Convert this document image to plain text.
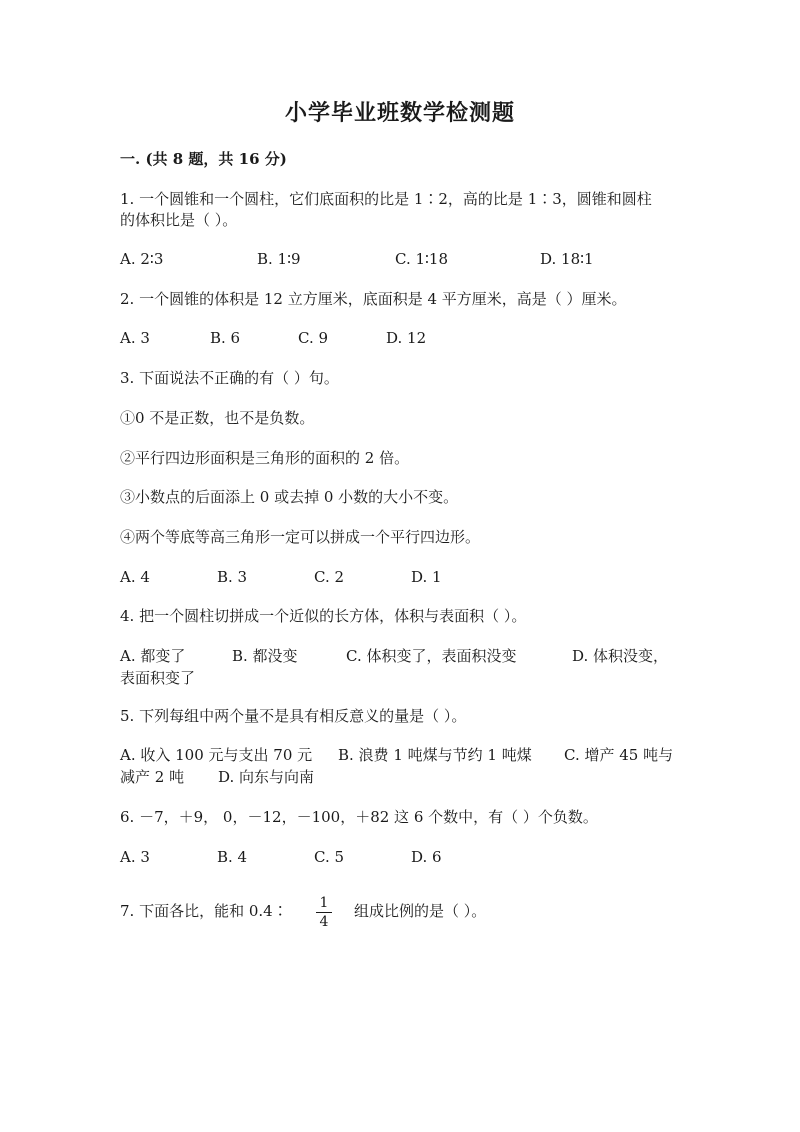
小学毕业班数学检测题
一. (共 8 题，共 16 分)
1. 一个圆锥和一个圆柱，它们底面积的比是 1∶2，高的比是 1∶3，圆锥和圆柱
的体积比是（ ）。
A. 2∶3	B. 1∶9	C. 1∶18	D. 18∶1
2. 一个圆锥的体积是 12 立方厘米，底面积是 4 平方厘米，高是（ ）厘米。
A. 3	B. 6	C. 9	D. 12
3. 下面说法不正确的有（ ）句。
①0 不是正数，也不是负数。
②平行四边形面积是三角形的面积的 2 倍。
③小数点的后面添上 0 或去掉 0 小数的大小不变。
④两个等底等高三角形一定可以拼成一个平行四边形。
A. 4	B. 3	C. 2	D. 1
4. 把一个圆柱切拼成一个近似的长方体，体积与表面积（ ）。
A. 都变了	B. 都没变	C. 体积变了，表面积没变	D. 体积没变，
表面积变了
5. 下列每组中两个量不是具有相反意义的量是（ ）。
A. 收入 100 元与支出 70 元 B. 浪费 1 吨煤与节约 1 吨煤 C. 增产 45 吨与
减产 2 吨 D. 向东与向南
6. －7，＋9， 0，－12，－100，＋82 这 6 个数中，有（ ）个负数。
A. 3	B. 4	C. 5	D. 6
7. 下面各比，能和 0.4∶ $\frac{1}{4}$ 组成比例的是（ ）。
